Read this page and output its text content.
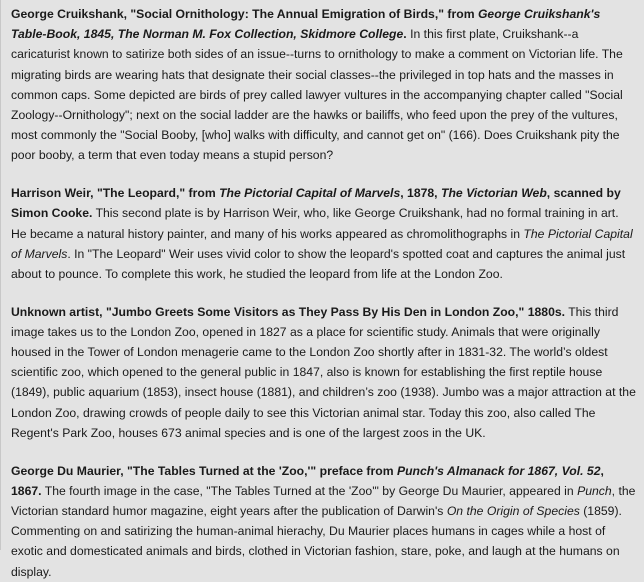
George Cruikshank, "Social Ornithology: The Annual Emigration of Birds," from George Cruikshank's Table-Book, 1845, The Norman M. Fox Collection, Skidmore College. In this first plate, Cruikshank--a caricaturist known to satirize both sides of an issue--turns to ornithology to make a comment on Victorian life. The migrating birds are wearing hats that designate their social classes--the privileged in top hats and the masses in common caps. Some depicted are birds of prey called lawyer vultures in the accompanying chapter called "Social Zoology--Ornithology"; next on the social ladder are the hawks or bailiffs, who feed upon the prey of the vultures, most commonly the "Social Booby, [who] walks with difficulty, and cannot get on" (166). Does Cruikshank pity the poor booby, a term that even today means a stupid person?

Harrison Weir, "The Leopard," from The Pictorial Capital of Marvels, 1878, The Victorian Web, scanned by Simon Cooke. This second plate is by Harrison Weir, who, like George Cruikshank, had no formal training in art. He became a natural history painter, and many of his works appeared as chromolithographs in The Pictorial Capital of Marvels. In "The Leopard" Weir uses vivid color to show the leopard's spotted coat and captures the animal just about to pounce. To complete this work, he studied the leopard from life at the London Zoo.

Unknown artist, "Jumbo Greets Some Visitors as They Pass By His Den in London Zoo," 1880s. This third image takes us to the London Zoo, opened in 1827 as a place for scientific study. Animals that were originally housed in the Tower of London menagerie came to the London Zoo shortly after in 1831-32. The world’s oldest scientific zoo, which opened to the general public in 1847, also is known for establishing the first reptile house (1849), public aquarium (1853), insect house (1881), and children’s zoo (1938). Jumbo was a major attraction at the London Zoo, drawing crowds of people daily to see this Victorian animal star. Today this zoo, also called The Regent's Park Zoo, houses 673 animal species and is one of the largest zoos in the UK.

George Du Maurier, "The Tables Turned at the 'Zoo,'" preface from Punch's Almanack for 1867, Vol. 52, 1867. The fourth image in the case, "The Tables Turned at the 'Zoo'" by George Du Maurier, appeared in Punch, the Victorian standard humor magazine, eight years after the publication of Darwin's On the Origin of Species (1859). Commenting on and satirizing the human-animal hierachy, Du Maurier places humans in cages while a host of exotic and domesticated animals and birds, clothed in Victorian fashion, stare, poke, and laugh at the humans on display.
